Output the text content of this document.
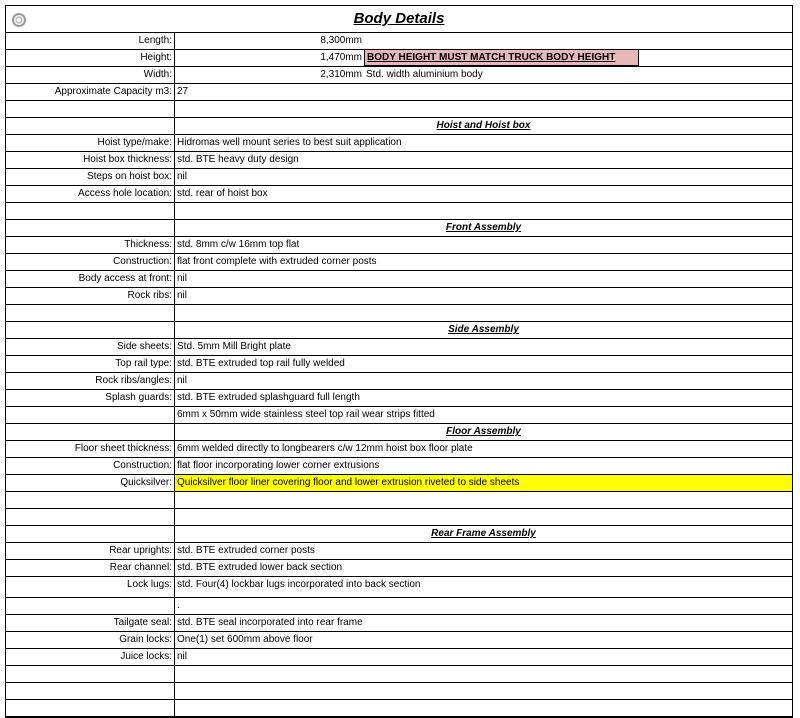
Body Details
Length:	8,300mm
Height:	1,470mm BODY HEIGHT MUST MATCH TRUCK BODY HEIGHT
Width:	2,310mm Std. width aluminium body
Approximate Capacity m3: 27
Hoist and Hoist box
Hoist type/make: Hidromas well mount series to best suit application
Hoist box thickness: std. BTE heavy duty design
Steps on hoist box: nil
Access hole location: std. rear of hoist box
Front Assembly
Thickness: std. 8mm c/w 16mm top flat
Construction: flat front complete with extruded corner posts
Body access at front: nil
Rock ribs: nil
Side Assembly
Side sheets: Std. 5mm Mill Bright plate
Top rail type: std. BTE extruded top rail fully welded
Rock ribs/angles: nil
Splash guards: std. BTE extruded splashguard full length
6mm x 50mm wide stainless steel top rail wear strips fitted
Floor Assembly
Floor sheet thickness: 6mm welded directly to longbearers c/w 12mm hoist box floor plate
Construction: flat floor incorporating lower corner extrusions
Quicksilver: Quicksilver floor liner covering floor and lower extrusion riveted to side sheets
Rear Frame Assembly
Rear uprights: std. BTE extruded corner posts
Rear channel: std. BTE extruded lower back section
Lock lugs: std. Four(4) lockbar lugs incorporated into back section
.
Tailgate seal: std. BTE seal incorporated into rear frame
Grain locks: One(1) set 600mm above floor
Juice locks: nil
